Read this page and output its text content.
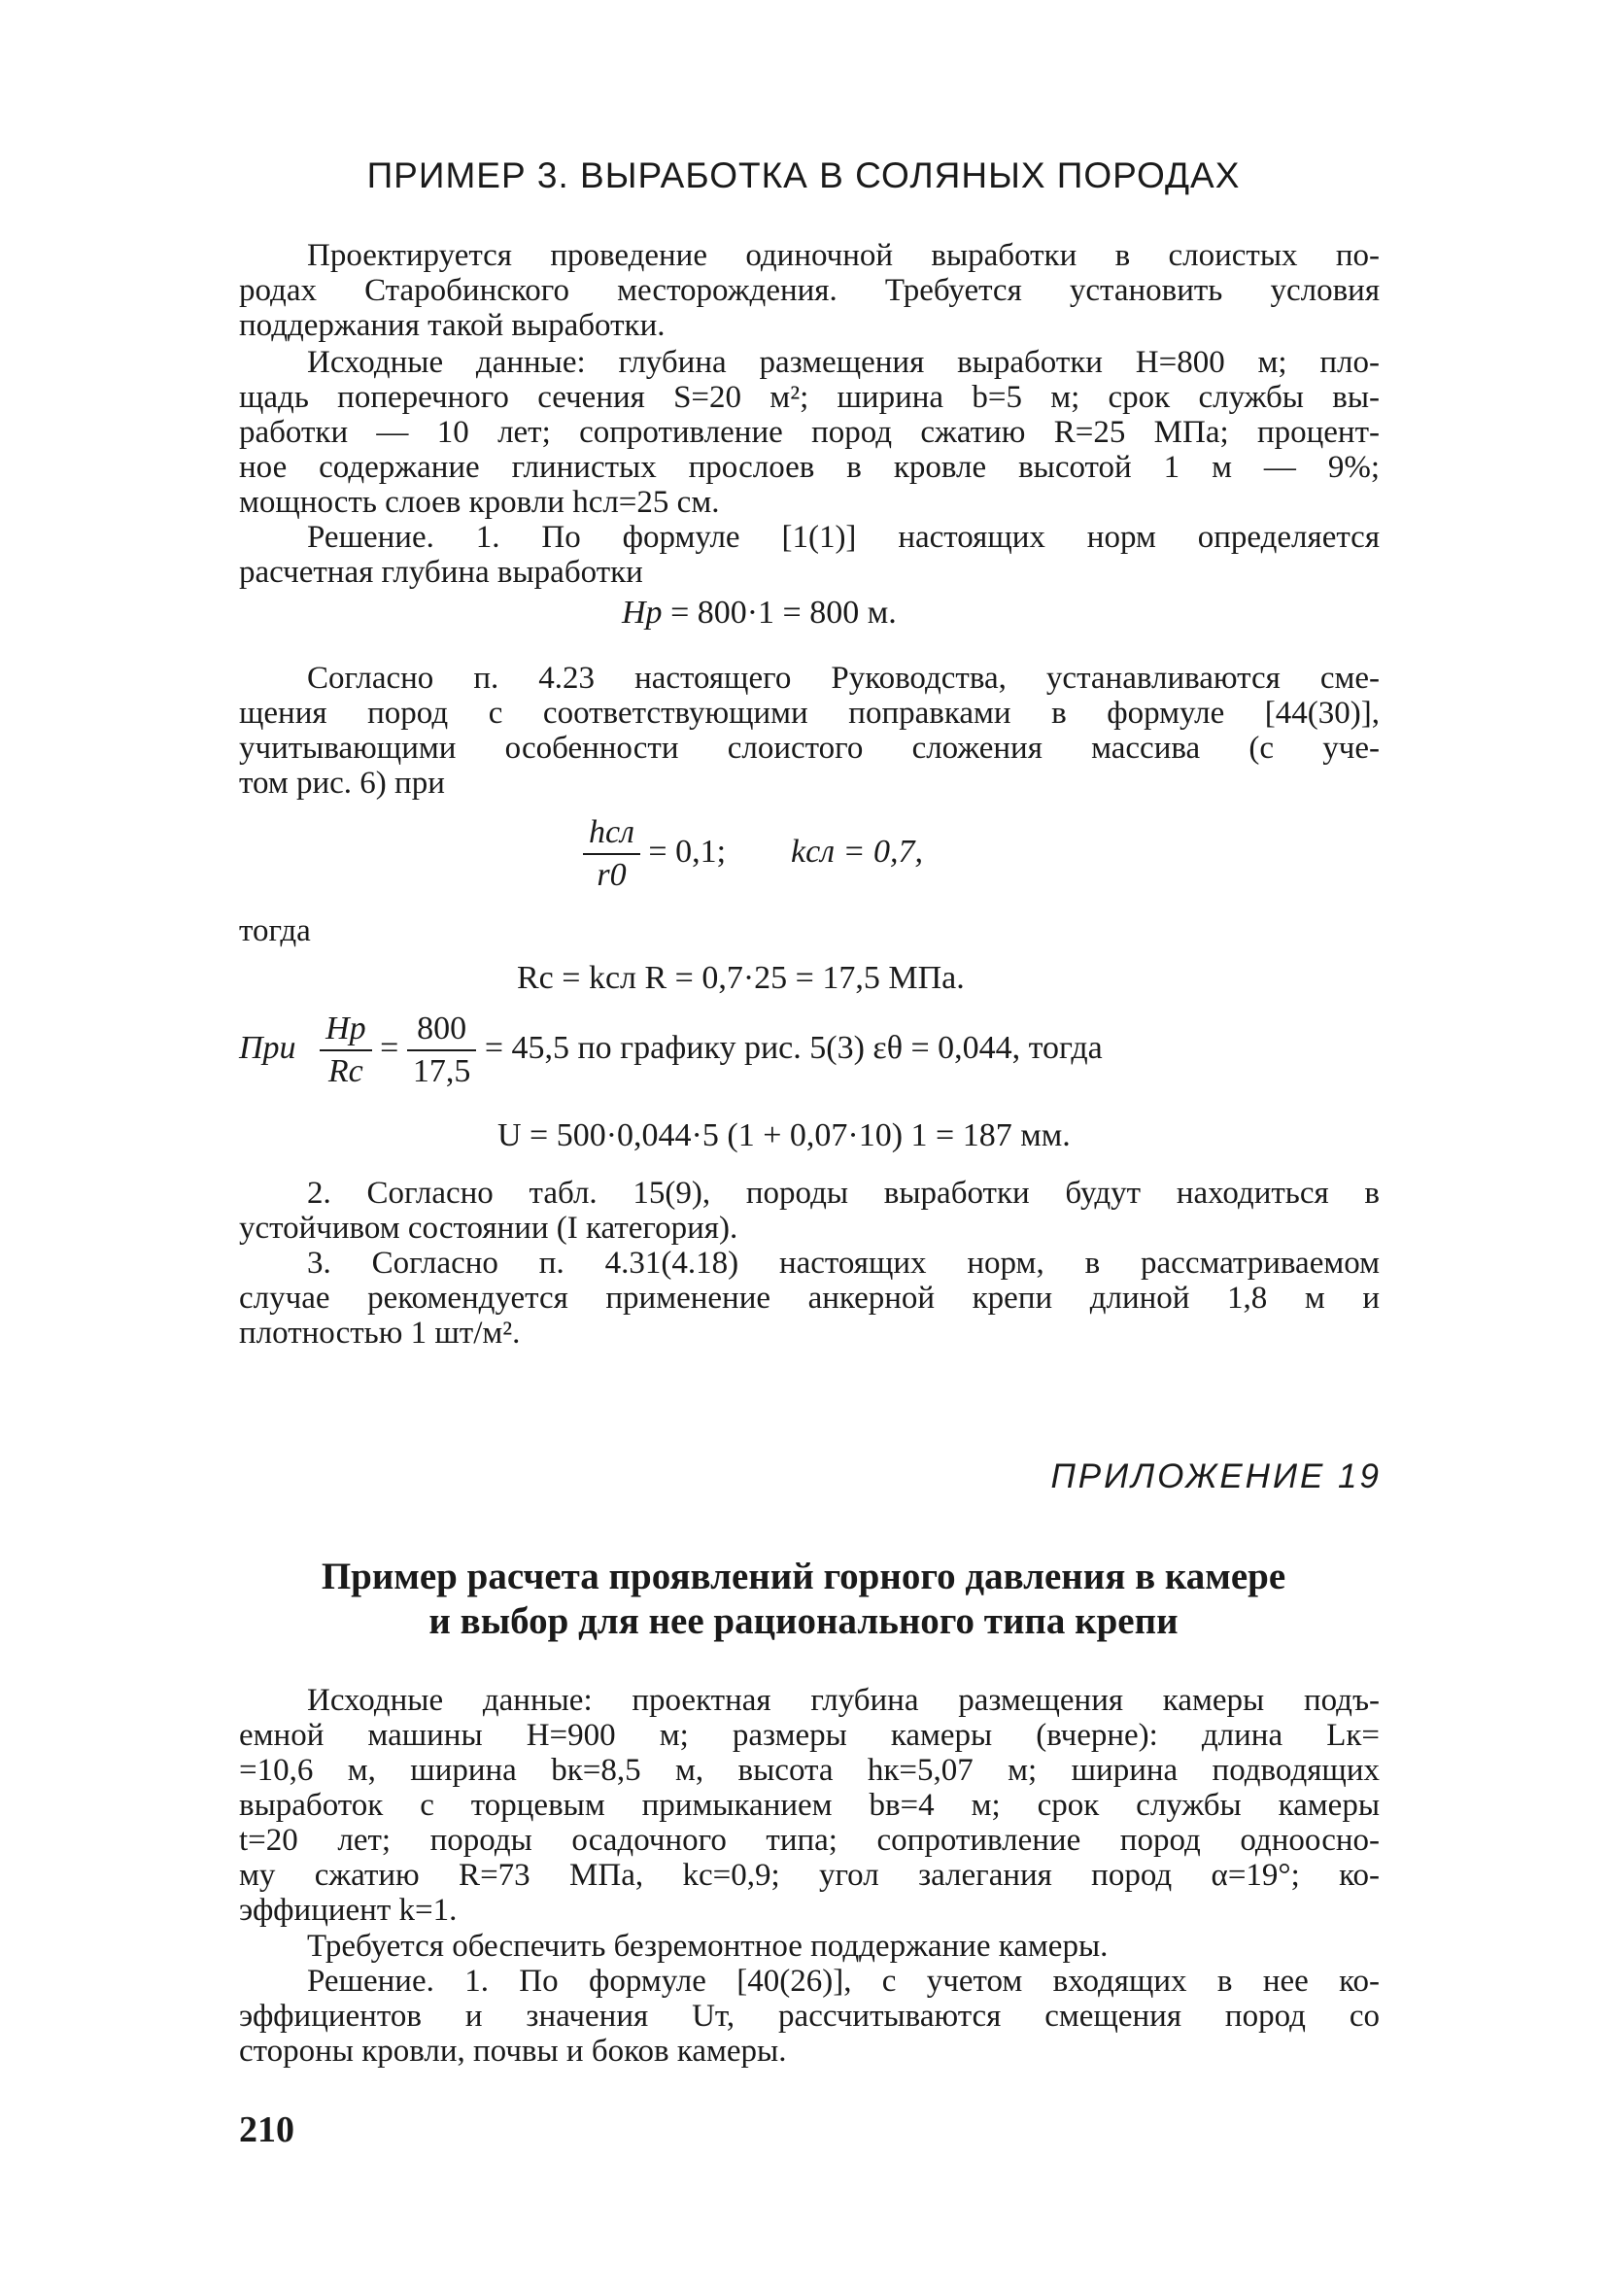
ПРИМЕР 3. ВЫРАБОТКА В СОЛЯНЫХ ПОРОДАХ
Проектируется проведение одиночной выработки в слоистых по-
родах Старобинского месторождения. Требуется установить условия
поддержания такой выработки.
Исходные данные: глубина размещения выработки H=800 м; пло-
щадь поперечного сечения S=20 м²; ширина b=5 м; срок службы вы-
работки — 10 лет; сопротивление пород сжатию R=25 МПа; процент-
ное содержание глинистых прослоев в кровле высотой 1 м — 9%;
мощность слоев кровли hсл=25 см.
Решение. 1. По формуле [1(1)] настоящих норм определяется
расчетная глубина выработки
Hр = 800·1 = 800 м.
Согласно п. 4.23 настоящего Руководства, устанавливаются сме-
щения пород с соответствующими поправками в формуле [44(30)],
учитывающими особенности слоистого сложения массива (с уче-
том рис. 6) при
$\frac{\text{hсл}}{r0} = 0,1$; kсл = 0,7,
тогда
Rc = kсл R = 0,7·25 = 17,5 МПа.
При $\frac{Hр}{Rc} = \frac{800}{17,5} = 45,5$ по графику рис. 5(3) εθ = 0,044, тогда
U = 500·0,044·5 (1 + 0,07·10) 1 = 187 мм.
2. Согласно табл. 15(9), породы выработки будут находиться в
устойчивом состоянии (I категория).
3. Согласно п. 4.31(4.18) настоящих норм, в рассматриваемом
случае рекомендуется применение анкерной крепи длиной 1,8 м и
плотностью 1 шт/м².
ПРИЛОЖЕНИЕ 19
Пример расчета проявлений горного давления в камере
и выбор для нее рационального типа крепи
Исходные данные: проектная глубина размещения камеры подъ-
емной машины H=900 м; размеры камеры (вчерне): длина Lк=
=10,6 м, ширина bк=8,5 м, высота hк=5,07 м; ширина подводящих
выработок с торцевым примыканием bв=4 м; срок службы камеры
t=20 лет; породы осадочного типа; сопротивление пород одноосно-
му сжатию R=73 МПа, kc=0,9; угол залегания пород α=19°; ко-
эффициент k=1.
Требуется обеспечить безремонтное поддержание камеры.
Решение. 1. По формуле [40(26)], с учетом входящих в нее ко-
эффициентов и значения Uт, рассчитываются смещения пород со
стороны кровли, почвы и боков камеры.
210
